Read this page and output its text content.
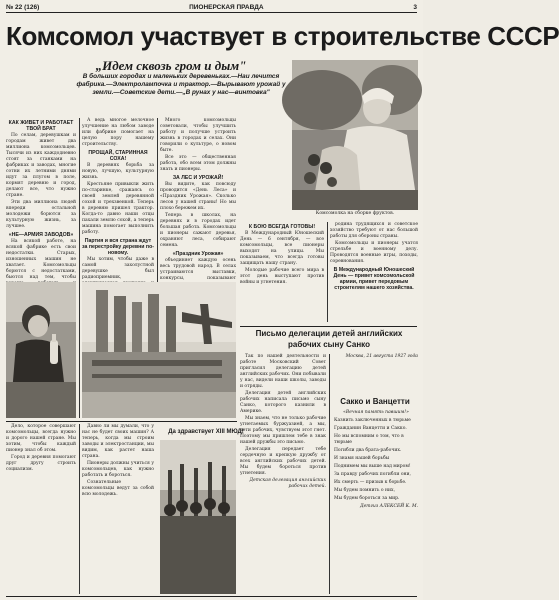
№ 22 (126)	ПИОНЕРСКАЯ ПРАВДА	3
Комсомол участвует в строительстве СССР
„Идем сквозь гром и дым"
В больших городах и маленьких деревеньках.—Наи лечится фабрика.—Электролампочка и трактор.—Вырывают урожай у земли.—Советские дети.—„В рунах у нас—винтовка"
Комсомолка на сборке фруктов.
КАК ЖИВЕТ И РАБОТАЕТ ТВОЙ БРАТ

По селам, деревушкам и городам живет два миллиона комсомольцев. Тысячи из них каждодневно стоят за станками на фабриках и заводах, многие сотни их летними днями идут за плугом в поле, кормят деревню и город, делают все, что нужно стране.

Эти два миллиона людей впереди остальной молодежи борются за культурную жизнь, за лучшее.

«НЕ—АРМИЯ ЗАВОДОВ»

На всякой работе, на всякой фабрике есть свои недостатки. Старых, изношенных машин не хватает. Комсомольцы борются с недостатками, бьются над тем, чтобы

А ведь многое мелочное улучшение на любом заводе или фабрике помогает на целую пору нашему строительству.

ПРОЩАЙ, СТАРИННАЯ СОХА!

В деревнях борьба за новую, лучшую, культурную жизнь.

Крестьяне привыкли жить по-старинке, сражаясь со своей землей деревянной сохой и трехзвенкой. Теперь в деревню пришел трактор. Когда-то давно наши отцы пахали землю сохой, а теперь машина помогает выполнить работу.

Партия и вся страна ждут за перестройку деревни по-новому.

Мы хотим, чтобы даже в самой захолустной деревушке был радиоприемник,

Много комсомольцы советовали, чтобы улучшить работу и получше устроить жизнь в городах и селах. Они говорили о культуре, о новом быте.

Все это — общественная работа, обо всем этом должны знать и пионеры.

ЗА ЛЕС И УРОЖАЙ!

Вы видите, как повсюду проводится «День Леса» и «Праздник Урожая». Сколько лесов у нашей страны! Но мы плохо бережем их.

Теперь в школах, на деревнях и в городах идет большая работа. Комсомольцы и пионеры сажают деревья, охраняют леса, собирают семена.

«Праздник Урожая»

объединяет каждую осень весь трудовой народ. В селах устраиваются выставки, конкурсы, показывают

Да здравствует XIII МЮД!
К БОЮ ВСЕГДА ГОТОВЫ!

В Международный Юношеский День — 6 сентября, — все комсомольцы, все пионеры выходят на улицы. Мы показываем, что всегда готовы защищать нашу страну.

Молодые рабочие всего мира в этот день выступают против войны и угнетения.

родина трудящихся и советское хозяйство требуют от нас большой работы для обороны страны.

Комсомольцы и пионеры учатся стрельбе и военному делу. Проводятся военные игры, походы, соревнования.

В Международный Юношеский День — привет комсомольской армии, привет передовым строителям нашего хозяйства.
Письмо делегации детей английских рабочих сыну Санко

Так по нашей деятельности и работе Московский Совет пригласил делегацию детей английских рабочих. Они побывали у нас, видели наши школы, заводы и отряды.

Делегация детей английских рабочих написала письмо сыну Санко, которого казнили в Америке.

Мы знаем, что не только рабочие угнетаемых буржуазией, а мы, дети рабочих, чувствуем этот гнет. Поэтому мы пришлем тебе в знак нашей дружбы это письмо.

Делегация передает тебе сердечную и крепкую дружбу от всех английских рабочих детей. Мы будем бороться против угнетения.

Детская делегация английских рабочих детей.

Москва, 21 августа 1927 года

Сакко и Ванцетти

«Вечная память павшим!»

Казнить заключенных в тюрьме

Гражданин Ванцетти и Сакко.

Но мы вспомним о том, что в тюрьме

Погибли два брата-рабочих.

И знамя нашей борьбы

Поднимем мы выше над миром!

За правду рабочих погибли они,

Их смерть — призыв к борьбе.

Мы будем помнить о них,

Мы будем бороться за мир.

Детгиз АЛЕКСЕЙ К. М.

Дело, которое совершают комсомольцы, всегда нужно и дорого нашей стране. Мы хотим, чтобы каждый пионер знал об этом.

Город и деревня помогают друг другу строить социализм.

Давно ли мы думали, что у нас не будет своих машин? А теперь, когда мы строим заводы и электростанции, мы видим, как растет наша страна.

Пионеры должны учиться у комсомольцев, как нужно работать и бороться.

Сознательные комсомольцы ведут за собой всю молодежь.
